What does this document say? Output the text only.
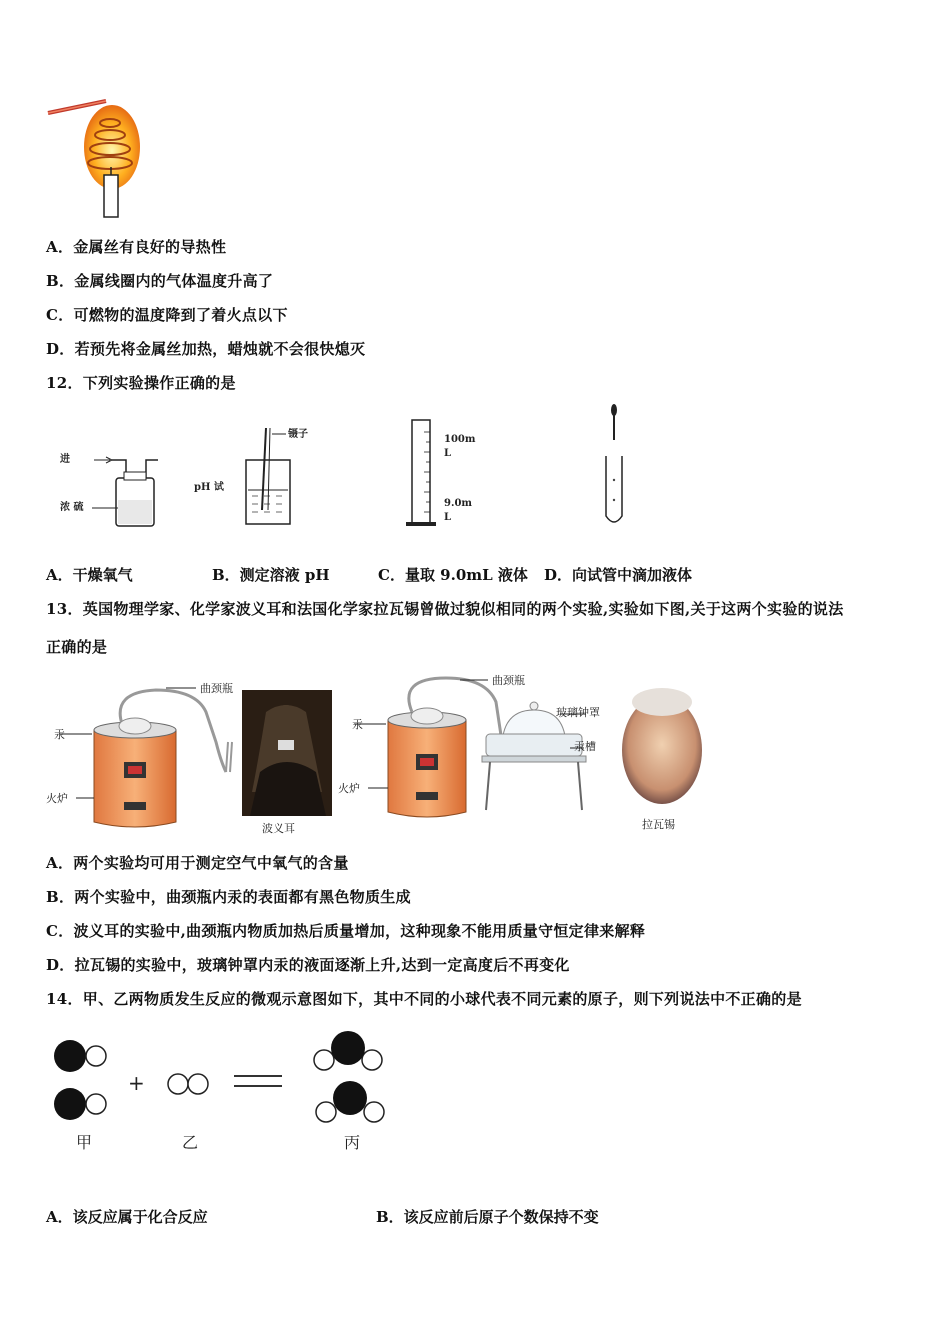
A．金属丝有良好的导热性
B．金属线圈内的气体温度升高了
C．可燃物的温度降到了着火点以下
D．若预先将金属丝加热，蜡烛就不会很快熄灭
12．下列实验操作正确的是
进
浓 硫
镊子
pH 试
100m
L
9.0m
L
A．干燥氧气	B．测定溶液 pH	C．量取 9.0mL 液体 D．向试管中滴加液体
13．英国物理学家、化学家波义耳和法国化学家拉瓦锡曾做过貌似相同的两个实验,实验如下图,关于这两个实验的说法
正确的是
汞
曲颈瓶
火炉
波义耳
汞
曲颈瓶
玻璃钟罩
汞槽
火炉
拉瓦锡
A．两个实验均可用于测定空气中氧气的含量
B．两个实验中，曲颈瓶内汞的表面都有黑色物质生成
C．波义耳的实验中,曲颈瓶内物质加热后质量增加，这种现象不能用质量守恒定律来解释
D．拉瓦锡的实验中，玻璃钟罩内汞的液面逐渐上升,达到一定高度后不再变化
14．甲、乙两物质发生反应的微观示意图如下，其中不同的小球代表不同元素的原子，则下列说法中不正确的是
+
甲	乙	丙
A．该反应属于化合反应	B．该反应前后原子个数保持不变
